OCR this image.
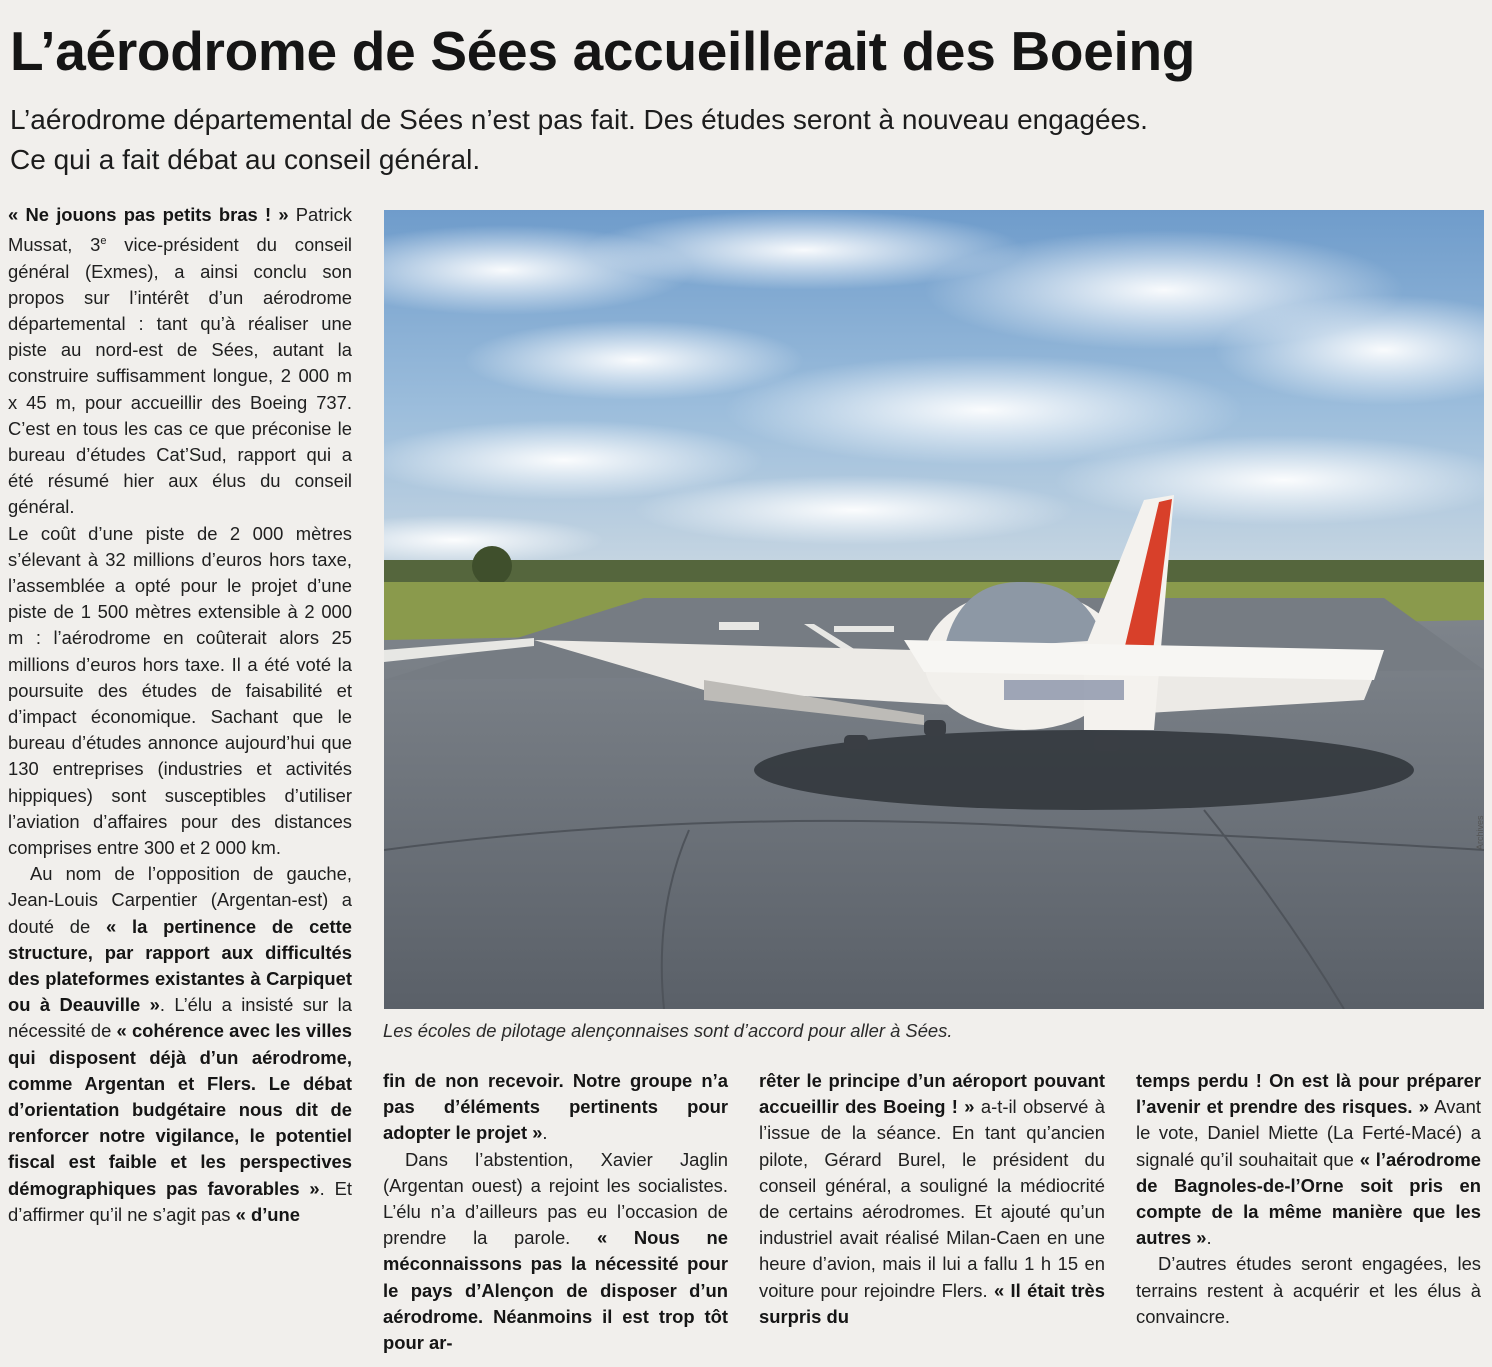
L’aérodrome de Sées accueillerait des Boeing
L’aérodrome départemental de Sées n’est pas fait. Des études seront à nouveau engagées.
Ce qui a fait débat au conseil général.

« Ne jouons pas petits bras ! » Patrick Mussat, 3e vice-président du conseil général (Exmes), a ainsi conclu son propos sur l’intérêt d’un aérodrome départemental : tant qu’à réaliser une piste au nord-est de Sées, autant la construire suffisamment longue, 2 000 m x 45 m, pour accueillir des Boeing 737. C’est en tous les cas ce que préconise le bureau d’études Cat’Sud, rapport qui a été résumé hier aux élus du conseil général.

Le coût d’une piste de 2 000 mètres s’élevant à 32 millions d’euros hors taxe, l’assemblée a opté pour le projet d’une piste de 1 500 mètres extensible à 2 000 m : l’aérodrome en coûterait alors 25 millions d’euros hors taxe. Il a été voté la poursuite des études de faisabilité et d’impact économique. Sachant que le bureau d’études annonce aujourd’hui que 130 entreprises (industries et activités hippiques) sont susceptibles d’utiliser l’aviation d’affaires pour des distances comprises entre 300 et 2 000 km.

Au nom de l’opposition de gauche, Jean-Louis Carpentier (Argentan-est) a douté de « la pertinence de cette structure, par rapport aux difficultés des plateformes existantes à Carpiquet ou à Deauville ». L’élu a insisté sur la nécessité de « cohérence avec les villes qui disposent déjà d’un aérodrome, comme Argentan et Flers. Le débat d’orientation budgétaire nous dit de renforcer notre vigilance, le potentiel fiscal est faible et les perspectives démographiques pas favorables ». Et d’affirmer qu’il ne s’agit pas « d’une

Archives

Les écoles de pilotage alençonnaises sont d’accord pour aller à Sées.

fin de non recevoir. Notre groupe n’a pas d’éléments pertinents pour adopter le projet ».

Dans l’abstention, Xavier Jaglin (Argentan ouest) a rejoint les socialistes. L’élu n’a d’ailleurs pas eu l’occasion de prendre la parole. « Nous ne méconnaissons pas la nécessité pour le pays d’Alençon de disposer d’un aérodrome. Néanmoins il est trop tôt pour ar-

rêter le principe d’un aéroport pouvant accueillir des Boeing ! » a-t-il observé à l’issue de la séance. En tant qu’ancien pilote, Gérard Burel, le président du conseil général, a souligné la médiocrité de certains aérodromes. Et ajouté qu’un industriel avait réalisé Milan-Caen en une heure d’avion, mais il lui a fallu 1 h 15 en voiture pour rejoindre Flers. « Il était très surpris du

temps perdu ! On est là pour préparer l’avenir et prendre des risques. » Avant le vote, Daniel Miette (La Ferté-Macé) a signalé qu’il souhaitait que « l’aérodrome de Bagnoles-de-l’Orne soit pris en compte de la même manière que les autres ».

D’autres études seront engagées, les terrains restent à acquérir et les élus à convaincre.
